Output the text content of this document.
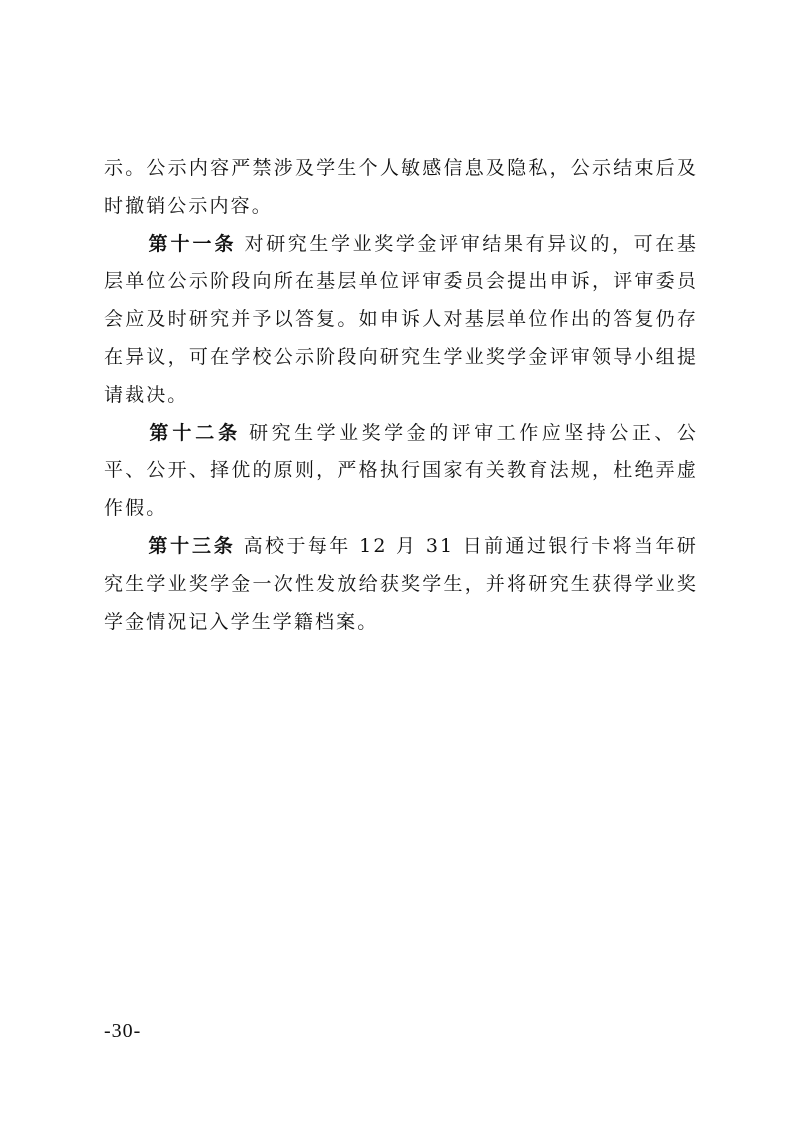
示。公示内容严禁涉及学生个人敏感信息及隐私，公示结束后及时撤销公示内容。

第十一条 对研究生学业奖学金评审结果有异议的，可在基层单位公示阶段向所在基层单位评审委员会提出申诉，评审委员会应及时研究并予以答复。如申诉人对基层单位作出的答复仍存在异议，可在学校公示阶段向研究生学业奖学金评审领导小组提请裁决。

第十二条 研究生学业奖学金的评审工作应坚持公正、公平、公开、择优的原则，严格执行国家有关教育法规，杜绝弄虚作假。

第十三条 高校于每年 12 月 31 日前通过银行卡将当年研究生学业奖学金一次性发放给获奖学生，并将研究生获得学业奖学金情况记入学生学籍档案。

-30-
